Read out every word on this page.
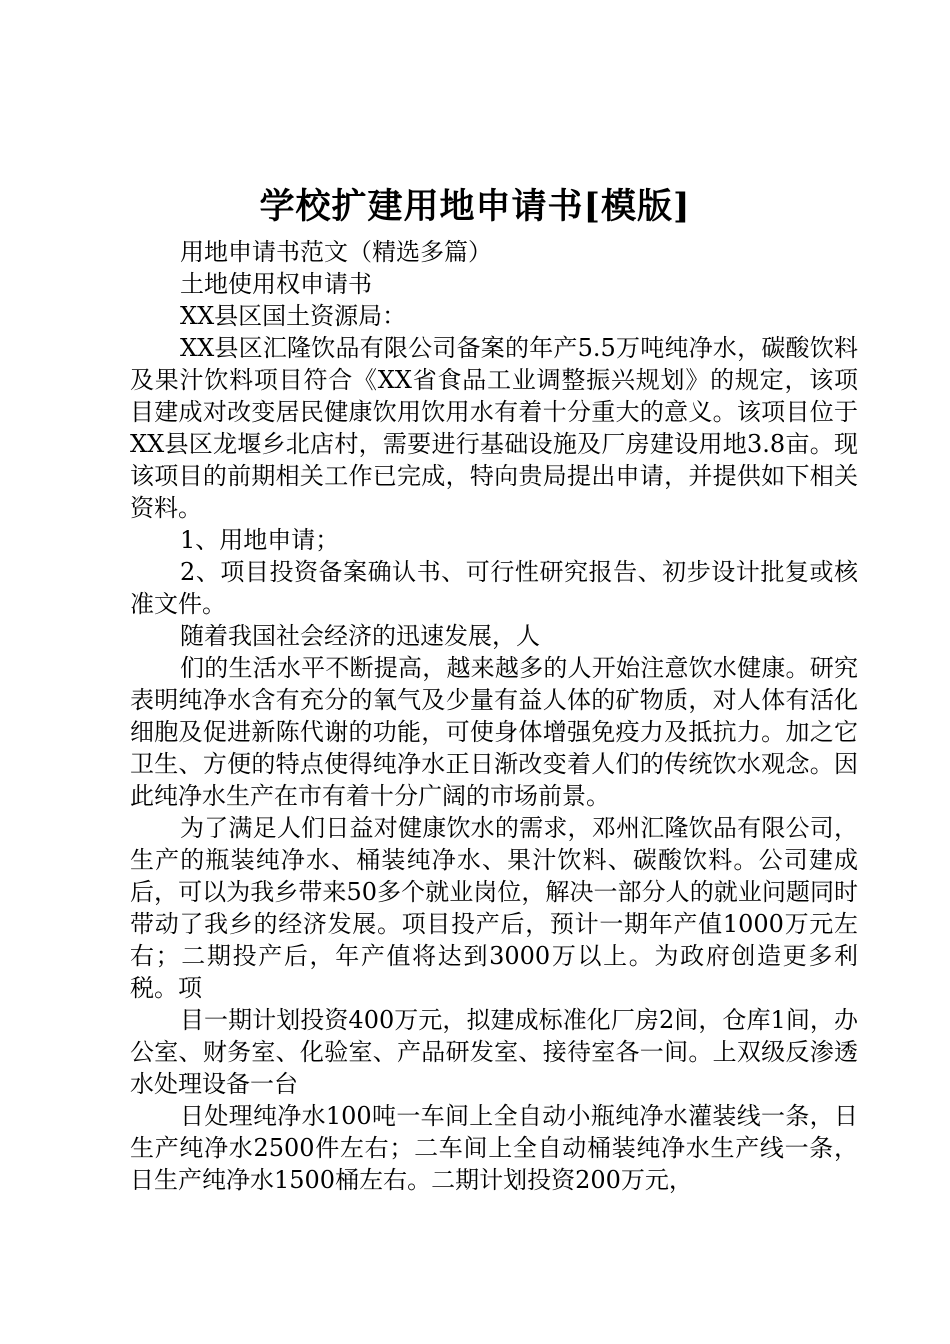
学校扩建用地申请书[模版]

用地申请书范文（精选多篇）

土地使用权申请书

XX县区国土资源局：

XX县区汇隆饮品有限公司备案的年产5.5万吨纯净水，碳酸饮料及果汁饮料项目符合《XX省食品工业调整振兴规划》的规定，该项目建成对改变居民健康饮用饮用水有着十分重大的意义。该项目位于XX县区龙堰乡北店村，需要进行基础设施及厂房建设用地3.8亩。现该项目的前期相关工作已完成，特向贵局提出申请，并提供如下相关资料。

1、用地申请；

2、项目投资备案确认书、可行性研究报告、初步设计批复或核准文件。

随着我国社会经济的迅速发展，人

们的生活水平不断提高，越来越多的人开始注意饮水健康。研究表明纯净水含有充分的氧气及少量有益人体的矿物质，对人体有活化细胞及促进新陈代谢的功能，可使身体增强免疫力及抵抗力。加之它卫生、方便的特点使得纯净水正日渐改变着人们的传统饮水观念。因此纯净水生产在市有着十分广阔的市场前景。

为了满足人们日益对健康饮水的需求，邓州汇隆饮品有限公司，生产的瓶装纯净水、桶装纯净水、果汁饮料、碳酸饮料。公司建成后，可以为我乡带来50多个就业岗位，解决一部分人的就业问题同时带动了我乡的经济发展。项目投产后，预计一期年产值1000万元左右；二期投产后，年产值将达到3000万以上。为政府创造更多利税。项

目一期计划投资400万元，拟建成标准化厂房2间，仓库1间，办公室、财务室、化验室、产品研发室、接待室各一间。上双级反渗透水处理设备一台

日处理纯净水100吨一车间上全自动小瓶纯净水灌装线一条，日生产纯净水2500件左右；二车间上全自动桶装纯净水生产线一条，日生产纯净水1500桶左右。二期计划投资200万元，
